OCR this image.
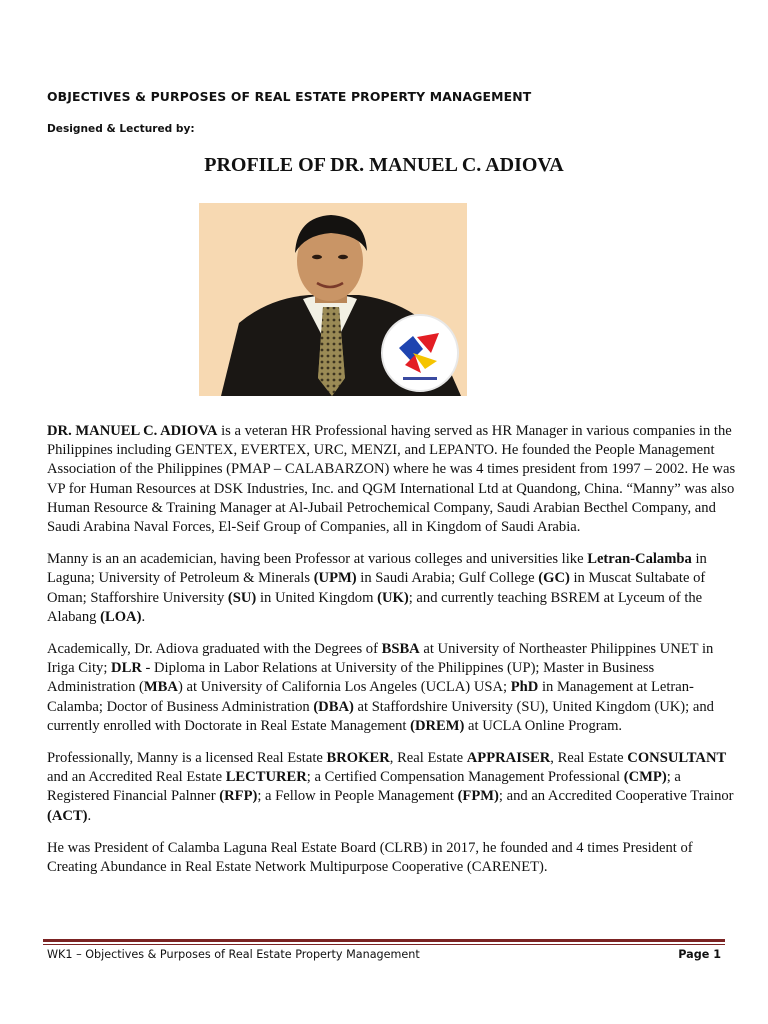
OBJECTIVES & PURPOSES OF REAL ESTATE PROPERTY MANAGEMENT
Designed & Lectured by:
PROFILE OF DR. MANUEL C. ADIOVA

DR. MANUEL C. ADIOVA is a veteran HR Professional having served as HR Manager in various companies in the Philippines including GENTEX, EVERTEX, URC, MENZI, and LEPANTO. He founded the People Management Association of the Philippines (PMAP – CALABARZON) where he was 4 times president from 1997 – 2002. He was VP for Human Resources at DSK Industries, Inc. and QGM International Ltd at Quandong, China. “Manny” was also Human Resource & Training Manager at Al-Jubail Petrochemical Company, Saudi Arabian Becthel Company, and Saudi Arabina Naval Forces, El-Seif Group of Companies, all in Kingdom of Saudi Arabia.

Manny is an an academician, having been Professor at various colleges and universities like Letran-Calamba in Laguna; University of Petroleum & Minerals (UPM) in Saudi Arabia; Gulf College (GC) in Muscat Sultabate of Oman; Stafforshire University (SU) in United Kingdom (UK); and currently teaching BSREM at Lyceum of the Alabang (LOA).

Academically, Dr. Adiova graduated with the Degrees of BSBA at University of Northeaster Philippines UNET in Iriga City; DLR - Diploma in Labor Relations at University of the Philippines (UP); Master in Business Administration (MBA) at University of California Los Angeles (UCLA) USA; PhD in Management at Letran-Calamba; Doctor of Business Administration (DBA) at Staffordshire University (SU), United Kingdom (UK); and currently enrolled with Doctorate in Real Estate Management (DREM) at UCLA Online Program.

Professionally, Manny is a licensed Real Estate BROKER, Real Estate APPRAISER, Real Estate CONSULTANT and an Accredited Real Estate LECTURER; a Certified Compensation Management Professional (CMP); a Registered Financial Palnner (RFP); a Fellow in People Management (FPM); and an Accredited Cooperative Trainor (ACT).

He was President of Calamba Laguna Real Estate Board (CLRB) in 2017, he founded and 4 times President of Creating Abundance in Real Estate Network Multipurpose Cooperative (CARENET).

WK1 – Objectives & Purposes of Real Estate Property Management	Page 1
